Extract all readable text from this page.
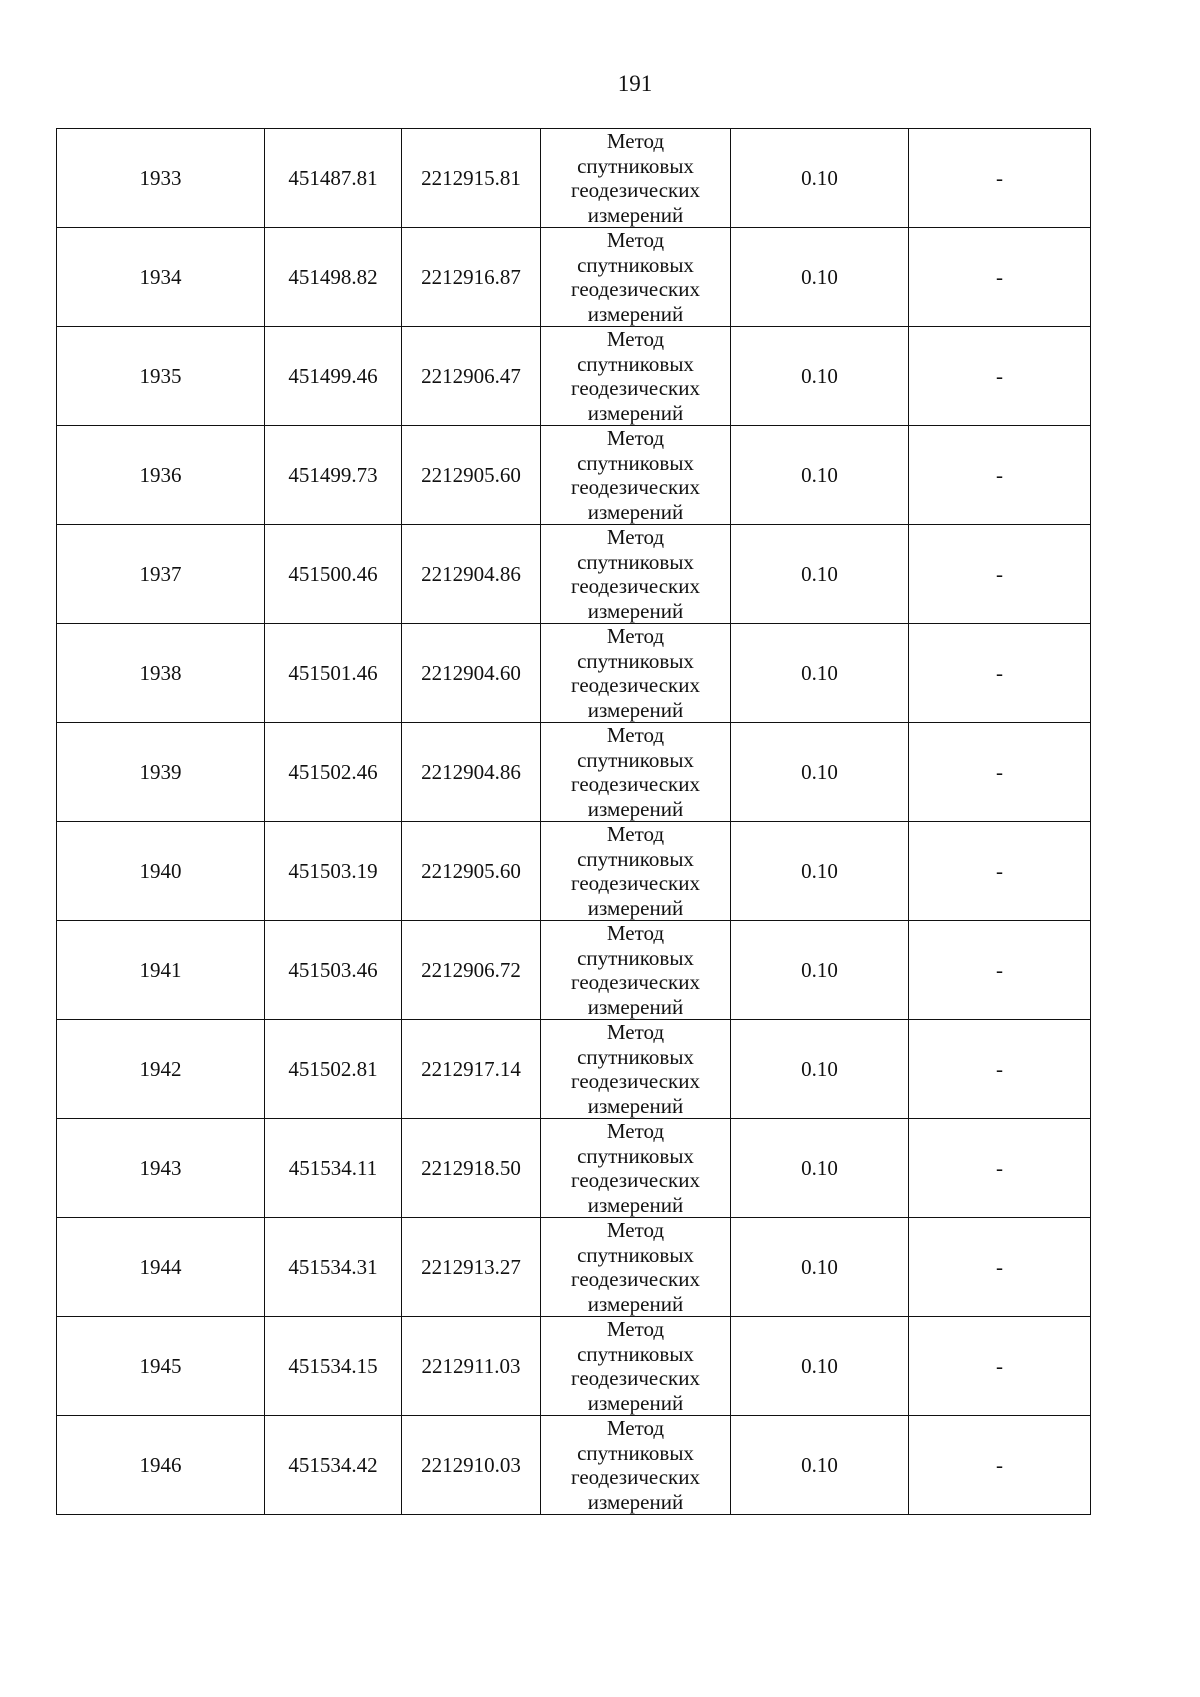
191
1933	451487.81	2212915.81	Метод
спутниковых
геодезических
измерений	0.10	-
1934	451498.82	2212916.87	Метод
спутниковых
геодезических
измерений	0.10	-
1935	451499.46	2212906.47	Метод
спутниковых
геодезических
измерений	0.10	-
1936	451499.73	2212905.60	Метод
спутниковых
геодезических
измерений	0.10	-
1937	451500.46	2212904.86	Метод
спутниковых
геодезических
измерений	0.10	-
1938	451501.46	2212904.60	Метод
спутниковых
геодезических
измерений	0.10	-
1939	451502.46	2212904.86	Метод
спутниковых
геодезических
измерений	0.10	-
1940	451503.19	2212905.60	Метод
спутниковых
геодезических
измерений	0.10	-
1941	451503.46	2212906.72	Метод
спутниковых
геодезических
измерений	0.10	-
1942	451502.81	2212917.14	Метод
спутниковых
геодезических
измерений	0.10	-
1943	451534.11	2212918.50	Метод
спутниковых
геодезических
измерений	0.10	-
1944	451534.31	2212913.27	Метод
спутниковых
геодезических
измерений	0.10	-
1945	451534.15	2212911.03	Метод
спутниковых
геодезических
измерений	0.10	-
1946	451534.42	2212910.03	Метод
спутниковых
геодезических
измерений	0.10	-
